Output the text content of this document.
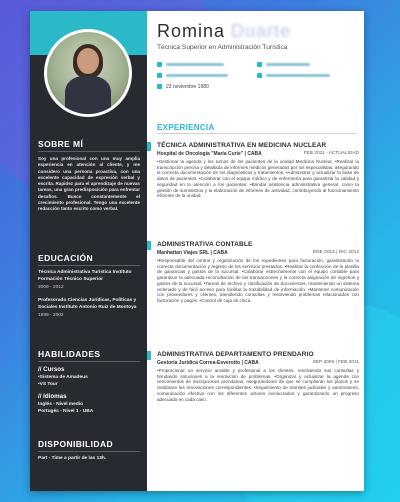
SOBRE MÍ
Soy una profesional con una muy amplia experiencia en atención al cliente, y me considero una persona proactiva, con una excelente capacidad de expresión verbal y escrita. Rapidez para el aprendizaje de nuevas tareas, una gran predisposición para enfrentar desafíos. Busco constantemente el crecimiento profesional. Tengo una excelente redacción tanto escrito como verbal.
EDUCACIÓN
Técnica Administrativa Turística Instituto Formación Técnico Superior
2009 - 2012
Profesorado Ciencias Jurídicas, Políticas y Sociales Instituto Antonio Ruiz de Montoya
1999 - 2002
HABILIDADES
// Cursos
•Sistema de Amadeus
•VS Tour
// Idiomas
Inglés - Nivel medio
Portugés - Nivel 1 - UBA
DISPONIBILIDAD
Part - Time a partir de las 13h.
Romina Duarte
Técnica Superior en Administración Turística
23 noviembre 1980
EXPERIENCIA
TÉCNICA ADMINISTRATIVA EN MEDICINA NUCLEAR
Hospital de Oncología "María Curie" | CABA	FEB 2011 - ACTUALIDAD
•Gestionar la agenda y los turnos de los pacientes de la unidad Medicina Nuclear. •Realizar la transcripción precisa y detallada de informes médicos generados por los especialistas, asegurando la correcta documentación de los diagnósticos y tratamientos. •Administrar y actualizar la base de datos de pacientes. •Colaborar con el equipo médico y de enfermería para garantizar la calidad y seguridad en la atención a los pacientes. •Brindar asistencia administrativa general, como la gestión de suministros y la elaboración de informes de actividad, contribuyendo al funcionamiento eficiente de la unidad.
ADMINISTRATIVA CONTABLE
Manhattan Viajes SRL | CABA	ENE 2012 | DIC 2012
•Responsable del control y organización de los expedientes para facturación, garantizando la correcta documentación y registro de los servicios prestados. •Realizar la confección de la planilla de ganancias y gastos de la sucursal. •Colaborar estrechamente con el equipo contable para garantizar la adecuada reconciliación de las transacciones y la correcta asignación de ingresos y gastos de la sucursal. •Tareas de archivo y clasificación de documentos, manteniendo un sistema ordenado y de fácil acceso para facilitar la trazabilidad de información. •Mantener comunicación con proveedores y clientes, atendiendo consultas y resolviendo problemas relacionados con facturación y pagos. •Control de caja de chica.
ADMINISTRATIVA DEPARTAMENTO PRENDARIO
Gestoría Jurídica Correa-Esverotto | CABA	SEP 2006 | FEB 2011
•Proporcionar un servicio amable y profesional a los clientes, resolviendo sus consultas y brindando soluciones a la resolución de problemas. •Organizar y actualizar la agenda con vencimientos de inscripciones prendarias, asegurándome de que se cumplieran los plazos y se realizaran las renovaciones correspondientes. •Seguimiento de trámites judiciales y automotores, comunicación efectiva con los diferentes actores involucrados y garantizando un progreso adecuado en cada caso.
